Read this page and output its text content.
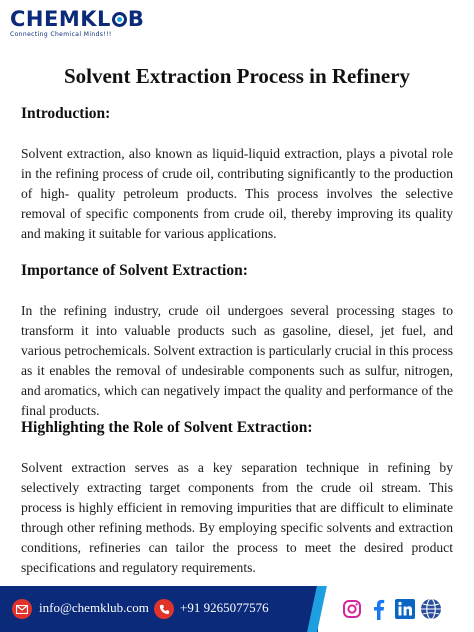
CHEMKL B
Connecting Chemical Minds!!!
Solvent Extraction Process in Refinery
Introduction:
Solvent extraction, also known as liquid-liquid extraction, plays a pivotal role in the refining process of crude oil, contributing significantly to the production of high- quality petroleum products. This process involves the selective removal of specific components from crude oil, thereby improving its quality and making it suitable for various applications.
Importance of Solvent Extraction:
In the refining industry, crude oil undergoes several processing stages to transform it into valuable products such as gasoline, diesel, jet fuel, and various petrochemicals. Solvent extraction is particularly crucial in this process as it enables the removal of undesirable components such as sulfur, nitrogen, and aromatics, which can negatively impact the quality and performance of the final products.
Highlighting the Role of Solvent Extraction:
Solvent extraction serves as a key separation technique in refining by selectively extracting target components from the crude oil stream. This process is highly efficient in removing impurities that are difficult to eliminate through other refining methods. By employing specific solvents and extraction conditions, refineries can tailor the process to meet the desired product specifications and regulatory requirements.
info@chemklub.com +91 9265077576
